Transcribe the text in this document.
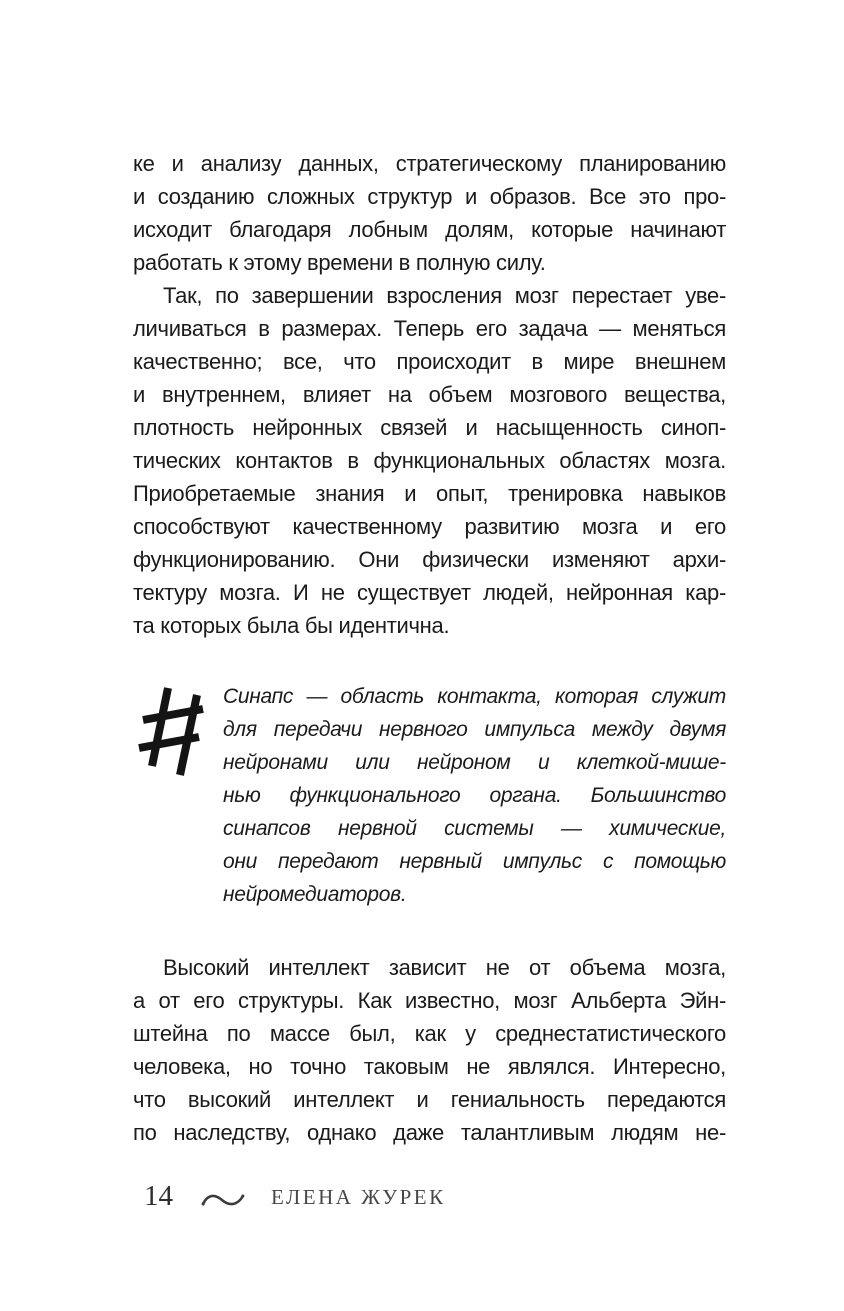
ке и анализу данных, стратегическому планированию
и созданию сложных структур и образов. Все это про-
исходит благодаря лобным долям, которые начинают
работать к этому времени в полную силу.
Так, по завершении взросления мозг перестает уве-
личиваться в размерах. Теперь его задача — меняться
качественно; все, что происходит в мире внешнем
и внутреннем, влияет на объем мозгового вещества,
плотность нейронных связей и насыщенность синоп-
тических контактов в функциональных областях мозга.
Приобретаемые знания и опыт, тренировка навыков
способствуют качественному развитию мозга и его
функционированию. Они физически изменяют архи-
тектуру мозга. И не существует людей, нейронная кар-
та которых была бы идентична.
Синапс — область контакта, которая служит
для передачи нервного импульса между двумя
нейронами или нейроном и клеткой-мише-
нью функционального органа. Большинство
синапсов нервной системы — химические,
они передают нервный импульс с помощью
нейромедиаторов.
Высокий интеллект зависит не от объема мозга,
а от его структуры. Как известно, мозг Альберта Эйн-
штейна по массе был, как у среднестатистического
человека, но точно таковым не являлся. Интересно,
что высокий интеллект и гениальность передаются
по наследству, однако даже талантливым людям не-
14	ЕЛЕНА ЖУРЕК
